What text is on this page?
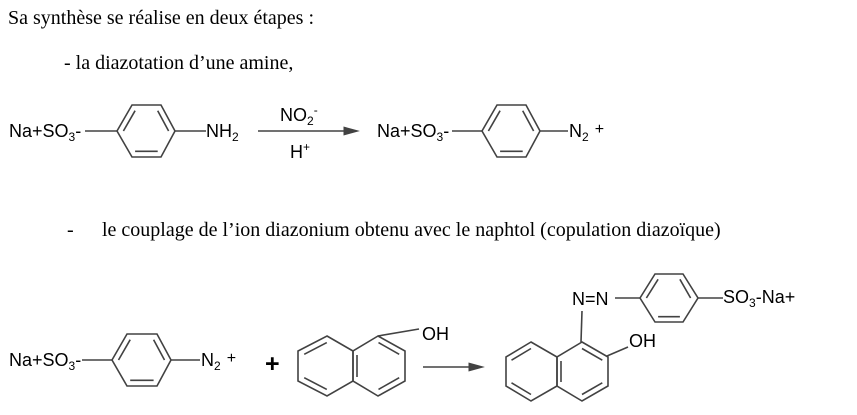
Sa synthèse se réalise en deux étapes :
- la diazotation d’une amine,
- le couplage de l’ion diazonium obtenu avec le naphtol (copulation diazoïque)
$Na+SO_3-$	$NH_2$
$NO_2^-$
H+
$Na+SO_3-$	$N_2$ +
$Na+SO_3-$	$N_2$ + +
OH
N=N
OH
$SO_3-Na+$
